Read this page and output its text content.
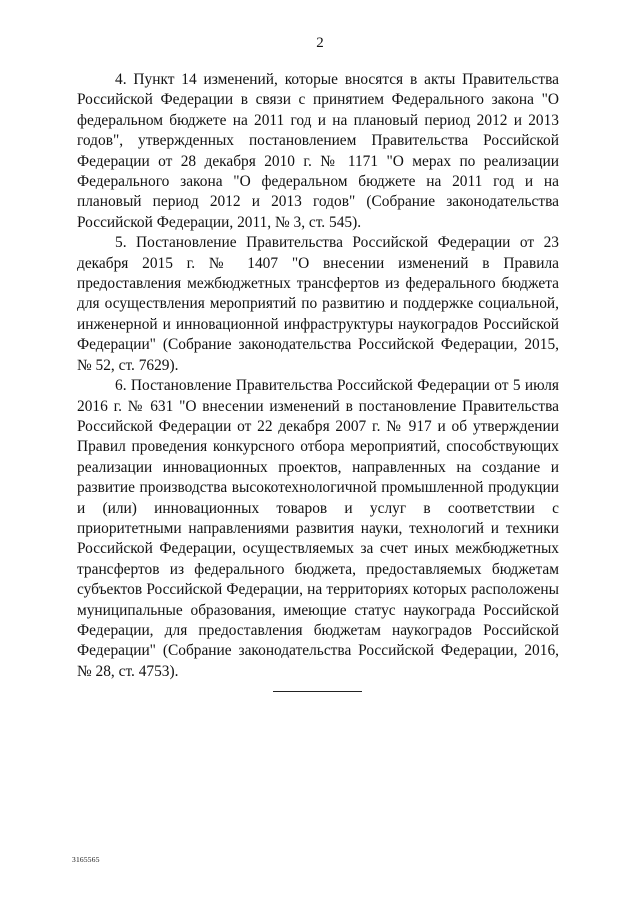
2

4. Пункт 14 изменений, которые вносятся в акты Правительства Российской Федерации в связи с принятием Федерального закона "О федеральном бюджете на 2011 год и на плановый период 2012 и 2013 годов", утвержденных постановлением Правительства Российской Федерации от 28 декабря 2010 г. № 1171 "О мерах по реализации Федерального закона "О федеральном бюджете на 2011 год и на плановый период 2012 и 2013 годов" (Собрание законодательства Российской Федерации, 2011, № 3, ст. 545).

5. Постановление Правительства Российской Федерации от 23 декабря 2015 г. № 1407 "О внесении изменений в Правила предоставления межбюджетных трансфертов из федерального бюджета для осуществления мероприятий по развитию и поддержке социальной, инженерной и инновационной инфраструктуры наукоградов Российской Федерации" (Собрание законодательства Российской Федерации, 2015, № 52, ст. 7629).

6. Постановление Правительства Российской Федерации от 5 июля 2016 г. № 631 "О внесении изменений в постановление Правительства Российской Федерации от 22 декабря 2007 г. № 917 и об утверждении Правил проведения конкурсного отбора мероприятий, способствующих реализации инновационных проектов, направленных на создание и развитие производства высокотехнологичной промышленной продукции и (или) инновационных товаров и услуг в соответствии с приоритетными направлениями развития науки, технологий и техники Российской Федерации, осуществляемых за счет иных межбюджетных трансфертов из федерального бюджета, предоставляемых бюджетам субъектов Российской Федерации, на территориях которых расположены муниципальные образования, имеющие статус наукограда Российской Федерации, для предоставления бюджетам наукоградов Российской Федерации" (Собрание законодательства Российской Федерации, 2016, № 28, ст. 4753).

3165565
